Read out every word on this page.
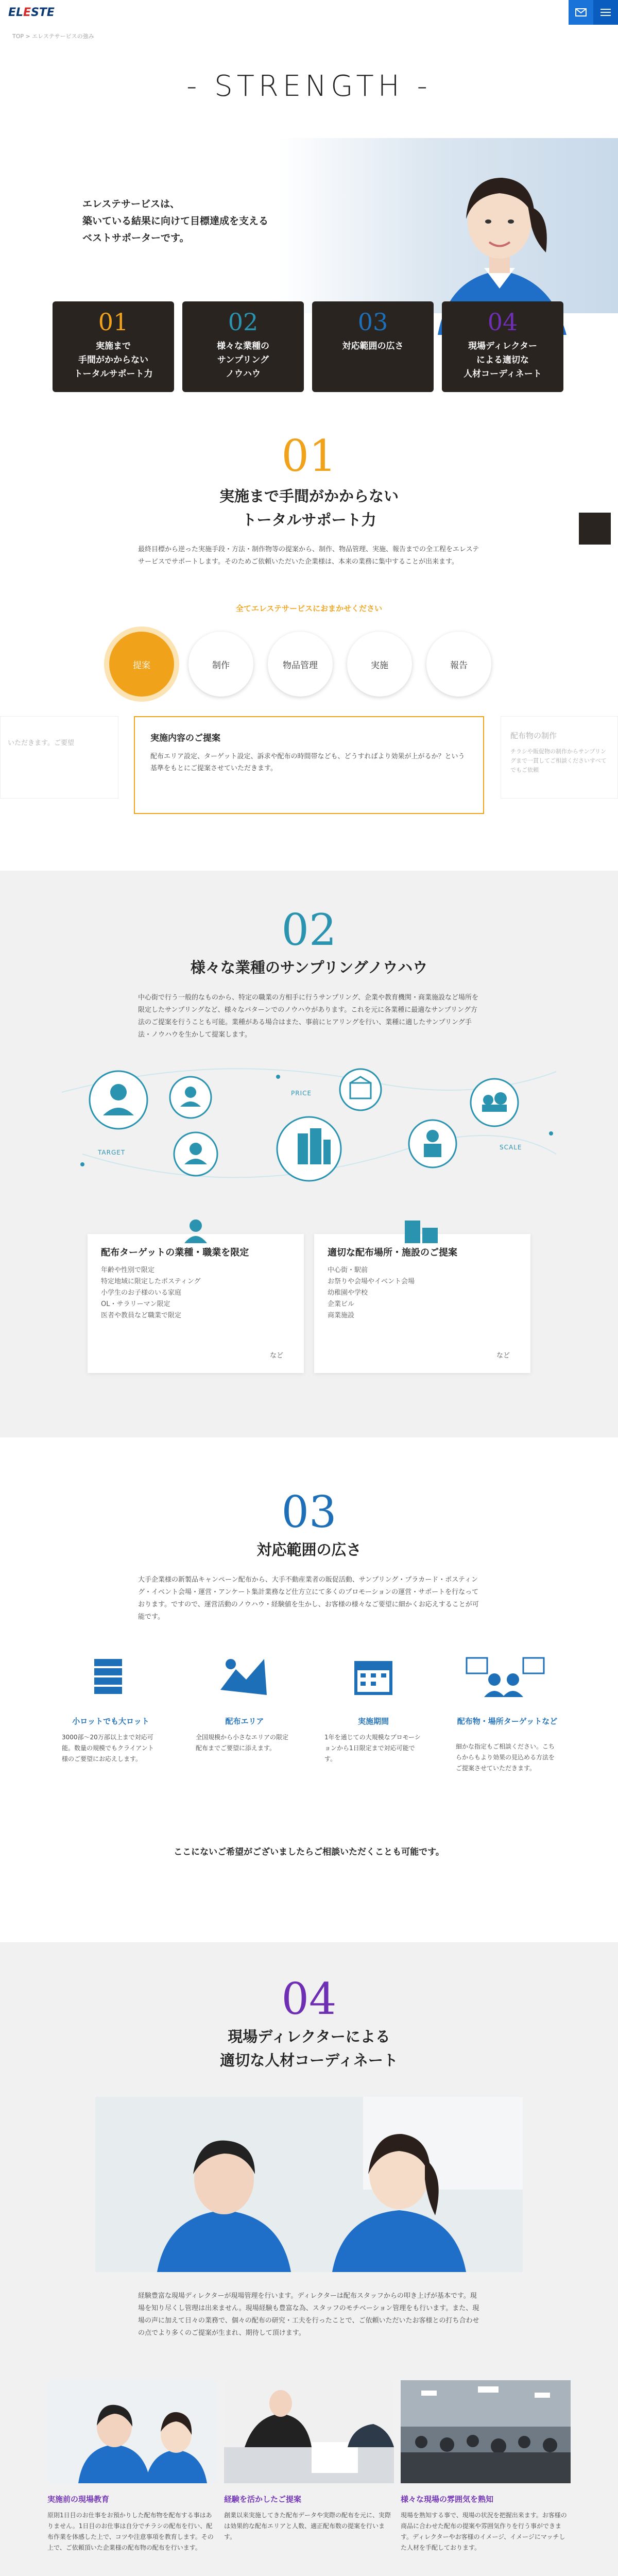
ELESTE
TOP > エレステサービスの強み
- STRENGTH -
エレステサービスは、
築いている結果に向けて目標達成を支える
ベストサポーターです。
01
実施まで
手間がかからない
トータルサポート力
02
様々な業種の
サンプリング
ノウハウ
03
対応範囲の広さ
04
現場ディレクター
による適切な
人材コーディネート
01
実施まで手間がかからない
トータルサポート力
最終目標から逆った実施手段・方法・制作物等の提案から、制作、物品管理、実施、報告までの全工程をエレステサービスでサポートします。そのためご依頼いただいた企業様は、本来の業務に集中することが出来ます。
全てエレステサービスにおまかせください
提案	制作	物品管理	実施	報告
いただきます。ご要望	実施内容のご提案
配布エリア設定、ターゲット設定、訴求や配布の時間帯なども、どうすればより効果が上がるか？という基準をもとにご提案させていただきます。
配布物の制作
チラシや販促物の制作からサンプリングまで一貫してご相談くださいすべてでもご依頼
02
様々な業種のサンプリングノウハウ
中心街で行う一般的なものから、特定の職業の方相手に行うサンプリング、企業や教育機関・商業施設など場所を限定したサンプリングなど、様々なパターンでのノウハウがあります。これを元に各業種に最適なサンプリング方法のご提案を行うことも可能。業種がある場合はまた、事前にヒアリングを行い、業種に適したサンプリング手法・ノウハウを生かして提案します。
TARGET
PRICE
SCALE
配布ターゲットの業種・職業を限定
年齢や性別で限定
特定地域に限定したポスティング
小学生のお子様のいる家庭
OL・サラリーマン限定
医者や教員など職業で限定
など
適切な配布場所・施設のご提案
中心街・駅前
お祭りや会場やイベント会場
幼稚園や学校
企業ビル
商業施設
など
03
対応範囲の広さ
大手企業様の新製品キャンペーン配布から、大手不動産業者の販促活動、サンプリング・プラカード・ポスティング・イベント会場・運営・アンケート集計業務など仕方立にて多くのプロモーションの運営・サポートを行なっております。ですので、運営活動のノウハウ・経験値を生かし、お客様の様々なご要望に細かくお応えすることが可能です。
小ロットでも大ロット
3000部〜20万部以上まで対応可能。数量の規模でもクライアント様のご要望にお応えします。
配布エリア
全国規模から小さなエリアの限定配布までご要望に添えます。
実施期間
1年を通じての大規模なプロモーションから1日限定まで対応可能です。
配布物・場所ターゲットなど
細かな指定もご相談ください。こちらからもより効果の見込める方法をご提案させていただきます。
ここにないご希望がございましたらご相談いただくことも可能です。
04
現場ディレクターによる
適切な人材コーディネート
経験豊富な現場ディレクターが現場管理を行います。ディレクターは配布スタッフからの叩き上げが基本です。現場を知り尽くし管理は出来ません。現場経験も豊富な為、スタッフのモチベーション管理をも行います。また、現場の声に加えて日々の業務で、個々の配布の研究・工夫を行ったことで、ご依頼いただいたお客様との打ち合わせの点でより多くのご提案が生まれ、期待して頂けます。
実施前の現場教育
原則1日目のお仕事をお預かりした配布物を配布する事はありません。1日目のお仕事は自分でチラシの配布を行い、配布作業を体感した上で、コツや注意事項を教育します。その上で、ご依頼頂いた企業様の配布物の配布を行います。
経験を活かしたご提案
創業以来実施してきた配布データや実際の配布を元に、実際は効果的な配布エリアと人数、適正配布数の提案を行います。
様々な現場の雰囲気を熟知
現場を熟知する事で、現場の状況を把握出来ます。お客様の商品に合わせた配布の提案や雰囲気作りを行う事ができます。ディレクターやお客様のイメージ、イメージにマッチした人材を手配しております。
